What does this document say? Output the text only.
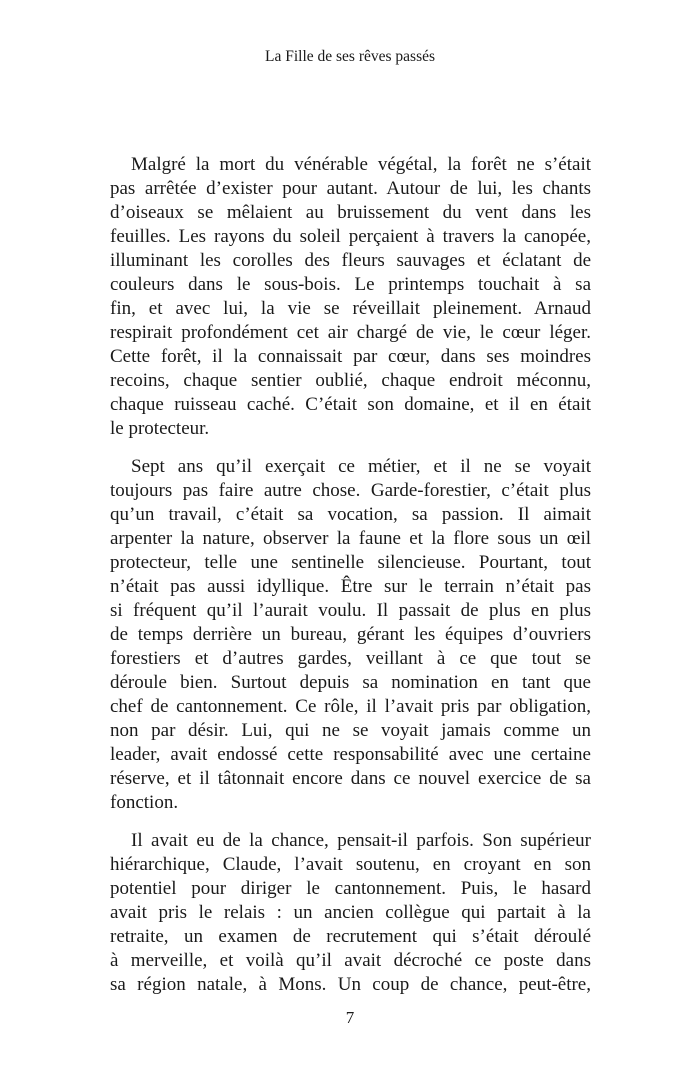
La Fille de ses rêves passés
Malgré la mort du vénérable végétal, la forêt ne s’était
pas arrêtée d’exister pour autant. Autour de lui, les chants
d’oiseaux se mêlaient au bruissement du vent dans les
feuilles. Les rayons du soleil perçaient à travers la canopée,
illuminant les corolles des fleurs sauvages et éclatant de
couleurs dans le sous-bois. Le printemps touchait à sa
fin, et avec lui, la vie se réveillait pleinement. Arnaud
respirait profondément cet air chargé de vie, le cœur léger.
Cette forêt, il la connaissait par cœur, dans ses moindres
recoins, chaque sentier oublié, chaque endroit méconnu,
chaque ruisseau caché. C’était son domaine, et il en était
le protecteur.
Sept ans qu’il exerçait ce métier, et il ne se voyait
toujours pas faire autre chose. Garde-forestier, c’était plus
qu’un travail, c’était sa vocation, sa passion. Il aimait
arpenter la nature, observer la faune et la flore sous un œil
protecteur, telle une sentinelle silencieuse. Pourtant, tout
n’était pas aussi idyllique. Être sur le terrain n’était pas
si fréquent qu’il l’aurait voulu. Il passait de plus en plus
de temps derrière un bureau, gérant les équipes d’ouvriers
forestiers et d’autres gardes, veillant à ce que tout se
déroule bien. Surtout depuis sa nomination en tant que
chef de cantonnement. Ce rôle, il l’avait pris par obligation,
non par désir. Lui, qui ne se voyait jamais comme un
leader, avait endossé cette responsabilité avec une certaine
réserve, et il tâtonnait encore dans ce nouvel exercice de sa
fonction.
Il avait eu de la chance, pensait-il parfois. Son supérieur
hiérarchique, Claude, l’avait soutenu, en croyant en son
potentiel pour diriger le cantonnement. Puis, le hasard
avait pris le relais : un ancien collègue qui partait à la
retraite, un examen de recrutement qui s’était déroulé
à merveille, et voilà qu’il avait décroché ce poste dans
sa région natale, à Mons. Un coup de chance, peut-être,
7
